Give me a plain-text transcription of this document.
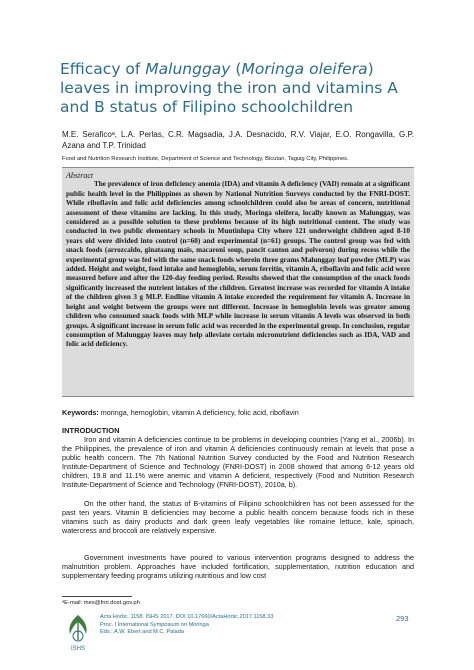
Efficacy of Malunggay (Moringa oleifera) leaves in improving the iron and vitamins A and B status of Filipino schoolchildren
M.E. Seraficoᵃ, L.A. Perlas, C.R. Magsadia, J.A. Desnacido, R.V. Viajar, E.O. Rongavilla, G.P. Azana and T.P. Trinidad
Food and Nutrition Research Institute, Department of Science and Technology, Bicutan, Taguig City, Philippines.
Abstract
The prevalence of iron deficiency anemia (IDA) and vitamin A deficiency (VAD) remain at a significant public health level in the Philippines as shown by National Nutrition Surveys conducted by the FNRI-DOST. While riboflavin and folic acid deficiencies among schoolchildren could also be areas of concern, nutritional assessment of these vitamins are lacking. In this study, Moringa oleifera, locally known as Malunggay, was considered as a possible solution to these problems because of its high nutritional content. The study was conducted in two public elementary schools in Muntinlupa City where 121 underweight children aged 8-10 years old were divided into control (n=60) and experimental (n=61) groups. The control group was fed with snack foods (arrozcaldo, ginataang mais, macaroni soup, pancit canton and polvoron) during recess while the experimental group was fed with the same snack foods wherein three grams Malunggay leaf powder (MLP) was added. Height and weight, food intake and hemoglobin, serum ferritin, vitamin A, riboflavin and folic acid were measured before and after the 120-day feeding period. Results showed that the consumption of the snack foods significantly increased the nutrient intakes of the children. Greatest increase was recorded for vitamin A intake of the children given 3 g MLP. Endline vitamin A intake exceeded the requirement for vitamin A. Increase in height and weight between the groups were not different. Increase in hemoglobin levels was greater among children who consumed snack foods with MLP while increase in serum vitamin A levels was observed in both groups. A significant increase in serum folic acid was recorded in the experimental group. In conclusion, regular consumption of Malunggay leaves may help alleviate certain micronutrient deficiencies such as IDA, VAD and folic acid deficiency.
Keywords: moringa, hemoglobin, vitamin A deficiency, folic acid, riboflavin
INTRODUCTION

Iron and vitamin A deficiencies continue to be problems in developing countries (Yang et al., 2006b). In the Philippines, the prevalence of iron and vitamin A deficiencies continuously remain at levels that pose a public health concern. The 7th National Nutrition Survey conducted by the Food and Nutrition Research Institute-Department of Science and Technology (FNRI-DOST) in 2008 showed that among 6-12 years old children, 19.8 and 11.1% were anemic and vitamin A deficient, respectively (Food and Nutrition Research Institute-Department of Science and Technology (FNRI-DOST), 2010a, b).

On the other hand, the status of B-vitamins of Filipino schoolchildren has not been assessed for the past ten years. Vitamin B deficiencies may become a public health concern because foods rich in these vitamins such as dairy products and dark green leafy vegetables like romaine lettuce, kale, spinach, watercress and broccoli are relatively expensive.

Government investments have poured to various intervention programs designed to address the malnutrition problem. Approaches have included fortification, supplementation, nutrition education and supplementary feeding programs utilizing nutritious and low cost

ᵃE-mail: mes@fnri.dost.gov.ph
ISHS
Acta Hortic. 1158. ISHS 2017. DOI 10.17660/ActaHortic.2017.1158.33
Proc. I International Symposium on Moringa
Eds.: A.W. Ebert and M.C. Palada
293
